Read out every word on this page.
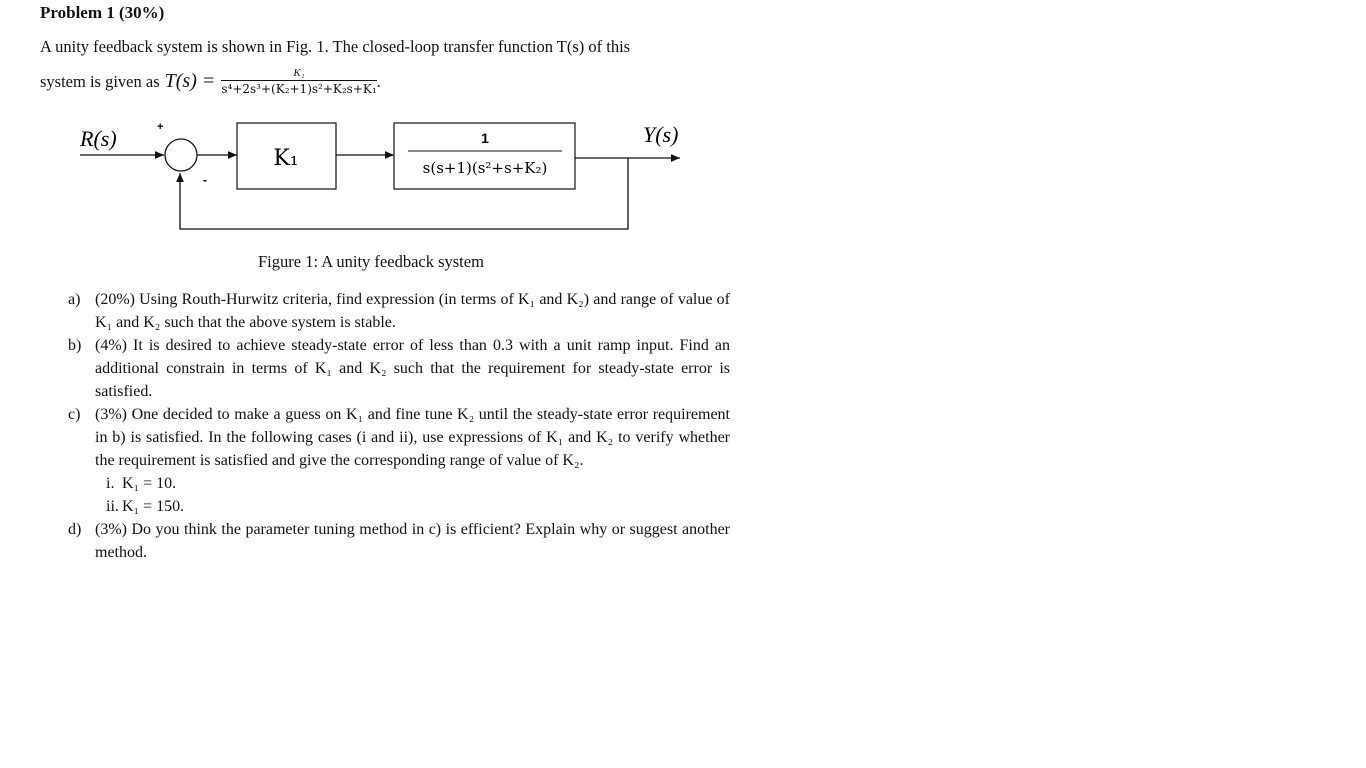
Problem 1 (30%)
A unity feedback system is shown in Fig. 1. The closed-loop transfer function T(s) of this
system is given as $T(s) = \frac{\text{K₁}}{\text{s⁴+2s³+(K₂+1)s²+K₂s+K₁}}$ .
R(s)	+
-
K₁
1
s(s+1)(s²+s+K₂)
Y(s)
Figure 1: A unity feedback system
a) (20%) Using Routh-Hurwitz criteria, find expression (in terms of K₁ and K₂) and range of value of K₁ and K₂ such that the above system is stable.
b) (4%) It is desired to achieve steady-state error of less than 0.3 with a unit ramp input. Find an additional constrain in terms of K₁ and K₂ such that the requirement for steady-state error is satisfied.
c) (3%) One decided to make a guess on K₁ and fine tune K₂ until the steady-state error requirement in b) is satisfied. In the following cases (i and ii), use expressions of K₁ and K₂ to verify whether the requirement is satisfied and give the corresponding range of value of K₂.
i. K₁ = 10.
ii. K₁ = 150.
d) (3%) Do you think the parameter tuning method in c) is efficient? Explain why or suggest another method.
